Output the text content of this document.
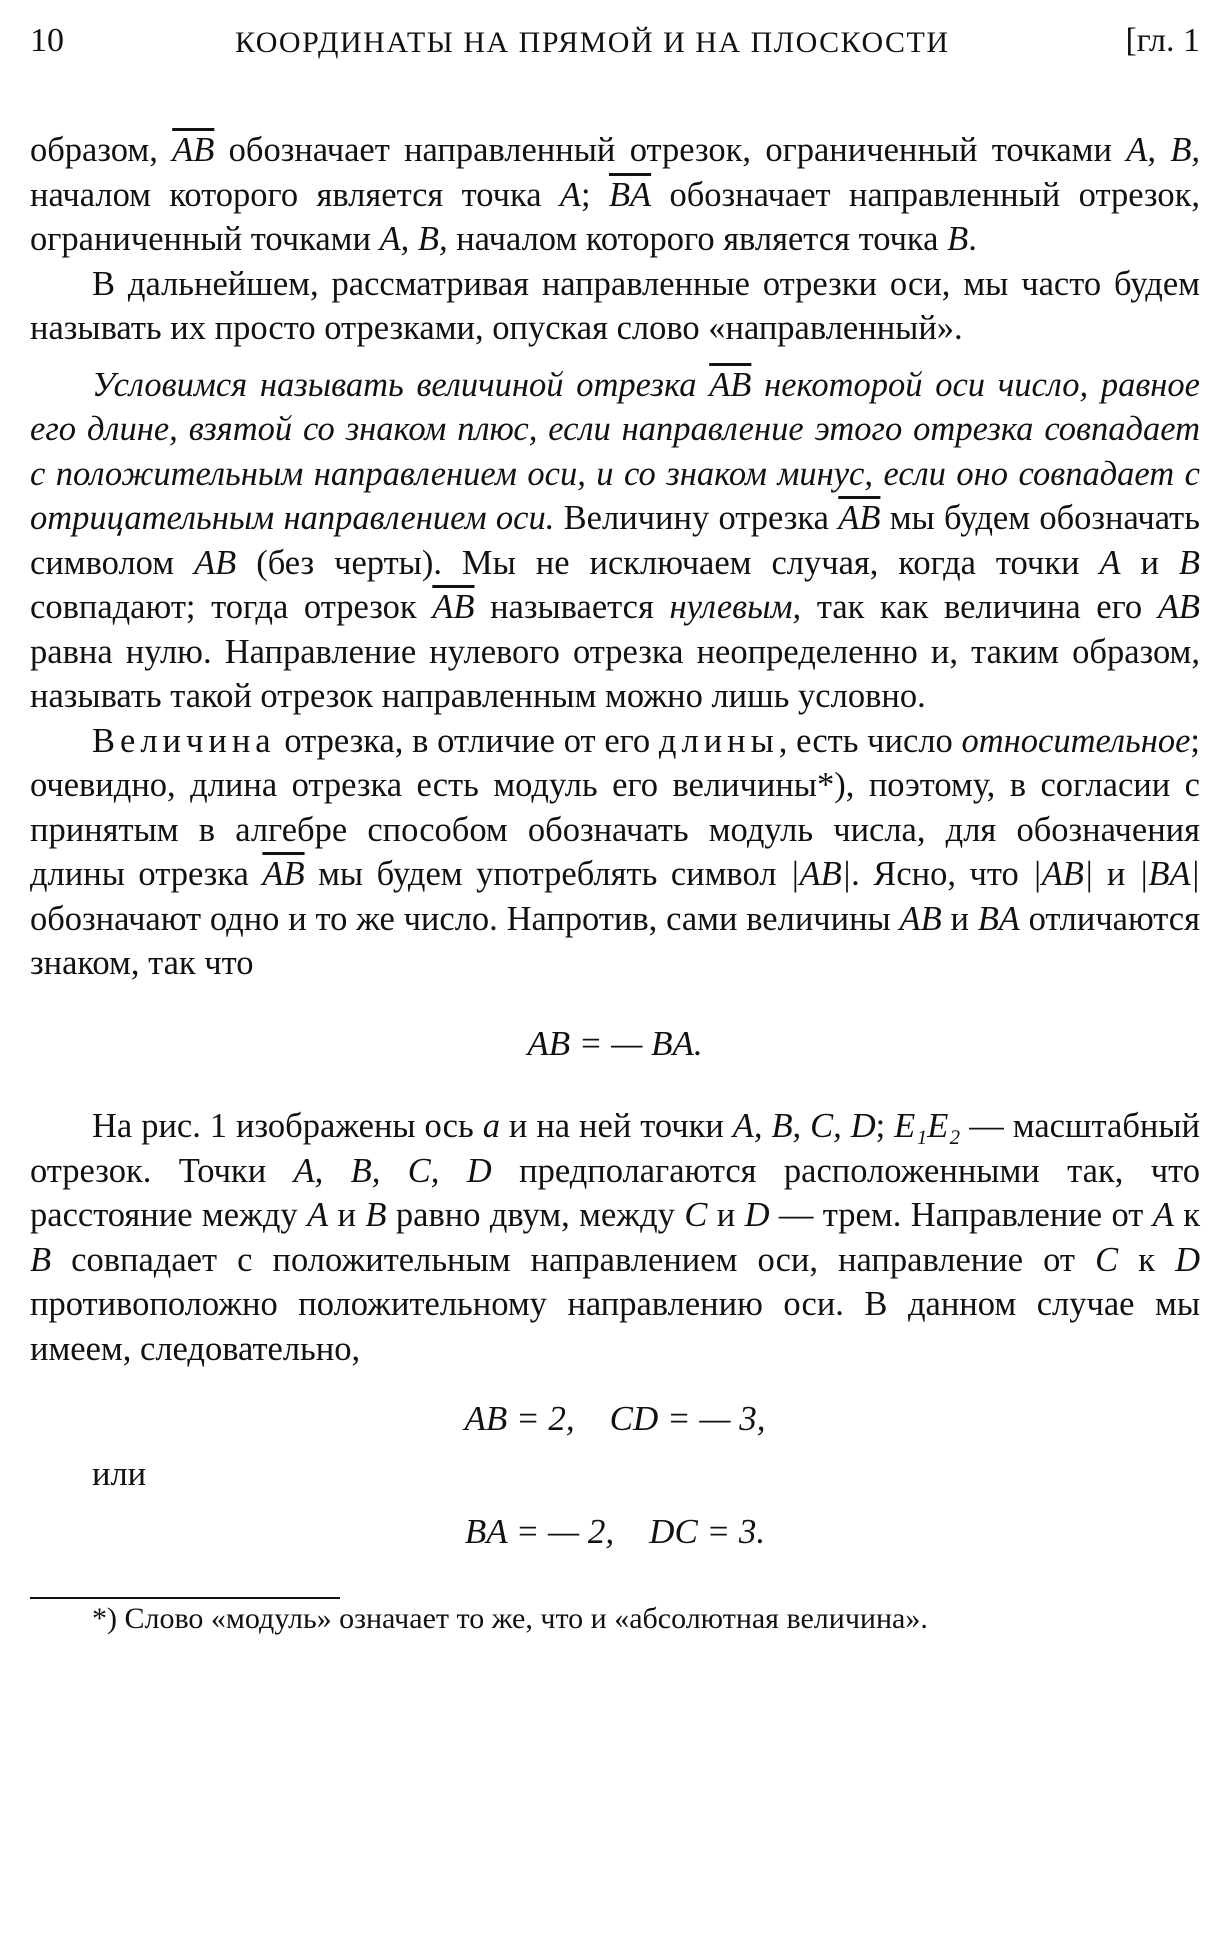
10	КООРДИНАТЫ НА ПРЯМОЙ И НА ПЛОСКОСТИ	[гл. 1

образом, $\overline{AB}$ обозначает направленный отрезок, ограниченный точками A, B, началом которого является точка A; $\overline{BA}$ обозначает направленный отрезок, ограниченный точками A, B, началом которого является точка B.

В дальнейшем, рассматривая направленные отрезки оси, мы часто будем называть их просто отрезками, опуская слово «направленный».

Условимся называть величиной отрезка $\overline{AB}$ некоторой оси число, равное его длине, взятой со знаком плюс, если направление этого отрезка совпадает с положительным направлением оси, и со знаком минус, если оно совпадает с отрицательным направлением оси. Величину отрезка $\overline{AB}$ мы будем обозначать символом AB (без черты). Мы не исключаем случая, когда точки A и B совпадают; тогда отрезок $\overline{AB}$ называется нулевым, так как величина его AB равна нулю. Направление нулевого отрезка неопределенно и, таким образом, называть такой отрезок направленным можно лишь условно.

Величина отрезка, в отличие от его длины, есть число относительное; очевидно, длина отрезка есть модуль его величины*), поэтому, в согласии с принятым в алгебре способом обозначать модуль числа, для обозначения длины отрезка $\overline{AB}$ мы будем употреблять символ |AB|. Ясно, что |AB| и |BA| обозначают одно и то же число. Напротив, сами величины AB и BA отличаются знаком, так что

AB = — BA.

На рис. 1 изображены ось a и на ней точки A, B, C, D; E₁E₂ — масштабный отрезок. Точки A, B, C, D предполагаются расположенными так, что расстояние между A и B равно двум, между C и D — трем. Направление от A к B совпадает с положительным направлением оси, направление от C к D противоположно положительному направлению оси. В данном случае мы имеем, следовательно,

AB = 2,    CD = — 3,

или

BA = — 2,    DC = 3.

*) Слово «модуль» означает то же, что и «абсолютная величина».
